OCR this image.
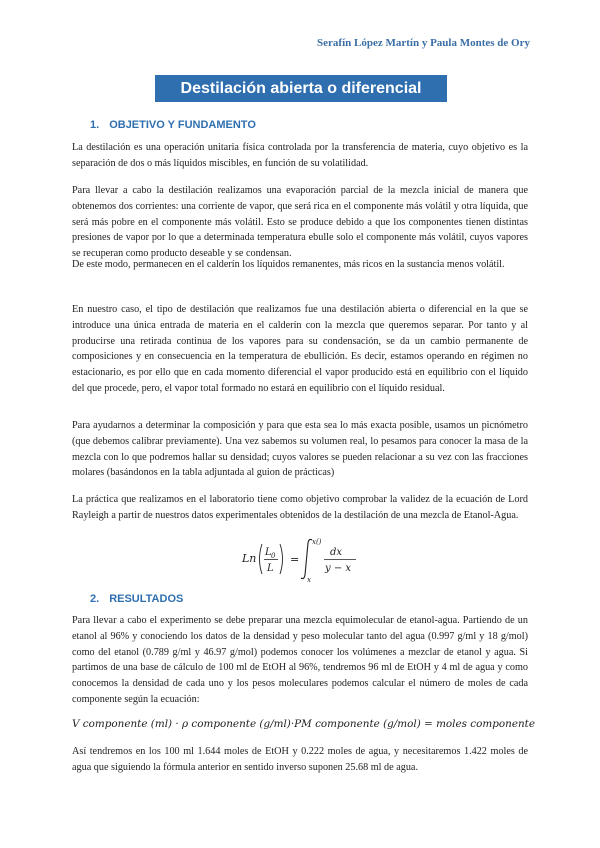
Serafín López Martín y Paula Montes de Ory
Destilación abierta o diferencial
1. OBJETIVO Y FUNDAMENTO

La destilación es una operación unitaria física controlada por la transferencia de materia, cuyo objetivo es la separación de dos o más líquidos miscibles, en función de su volatilidad.

Para llevar a cabo la destilación realizamos una evaporación parcial de la mezcla inicial de manera que obtenemos dos corrientes: una corriente de vapor, que será rica en el componente más volátil y otra líquida, que será más pobre en el componente más volátil. Esto se produce debido a que los componentes tienen distintas presiones de vapor por lo que a determinada temperatura ebulle solo el componente más volátil, cuyos vapores se recuperan como producto deseable y se condensan.

De este modo, permanecen en el calderín los líquidos remanentes, más ricos en la sustancia menos volátil.

En nuestro caso, el tipo de destilación que realizamos fue una destilación abierta o diferencial en la que se introduce una única entrada de materia en el calderín con la mezcla que queremos separar. Por tanto y al producirse una retirada continua de los vapores para su condensación, se da un cambio permanente de composiciones y en consecuencia en la temperatura de ebullición. Es decir, estamos operando en régimen no estacionario, es por ello que en cada momento diferencial el vapor producido está en equilibrio con el líquido del que procede, pero, el vapor total formado no estará en equilibrio con el líquido residual.

Para ayudarnos a determinar la composición y para que esta sea lo más exacta posible, usamos un picnómetro (que debemos calibrar previamente). Una vez sabemos su volumen real, lo pesamos para conocer la masa de la mezcla con lo que podremos hallar su densidad; cuyos valores se pueden relacionar a su vez con las fracciones molares (basándonos en la tabla adjuntada al guion de prácticas)

La práctica que realizamos en el laboratorio tiene como objetivo comprobar la validez de la ecuación de Lord Rayleigh a partir de nuestros datos experimentales obtenidos de la destilación de una mezcla de Etanol-Agua.

Ln L 0
L
=
x()
x
dx
y − x
2. RESULTADOS

Para llevar a cabo el experimento se debe preparar una mezcla equimolecular de etanol-agua. Partiendo de un etanol al 96% y conociendo los datos de la densidad y peso molecular tanto del agua (0.997 g/ml y 18 g/mol) como del etanol (0.789 g/ml y 46.97 g/mol) podemos conocer los volúmenes a mezclar de etanol y agua. Si partimos de una base de cálculo de 100 ml de EtOH al 96%, tendremos 96 ml de EtOH y 4 ml de agua y como conocemos la densidad de cada uno y los pesos moleculares podemos calcular el número de moles de cada componente según la ecuación:

V componente (ml) · ρ componente (g/ml)·PM componente (g/mol) = moles componente

Así tendremos en los 100 ml 1.644 moles de EtOH y 0.222 moles de agua, y necesitaremos 1.422 moles de agua que siguiendo la fórmula anterior en sentido inverso suponen 25.68 ml de agua.
